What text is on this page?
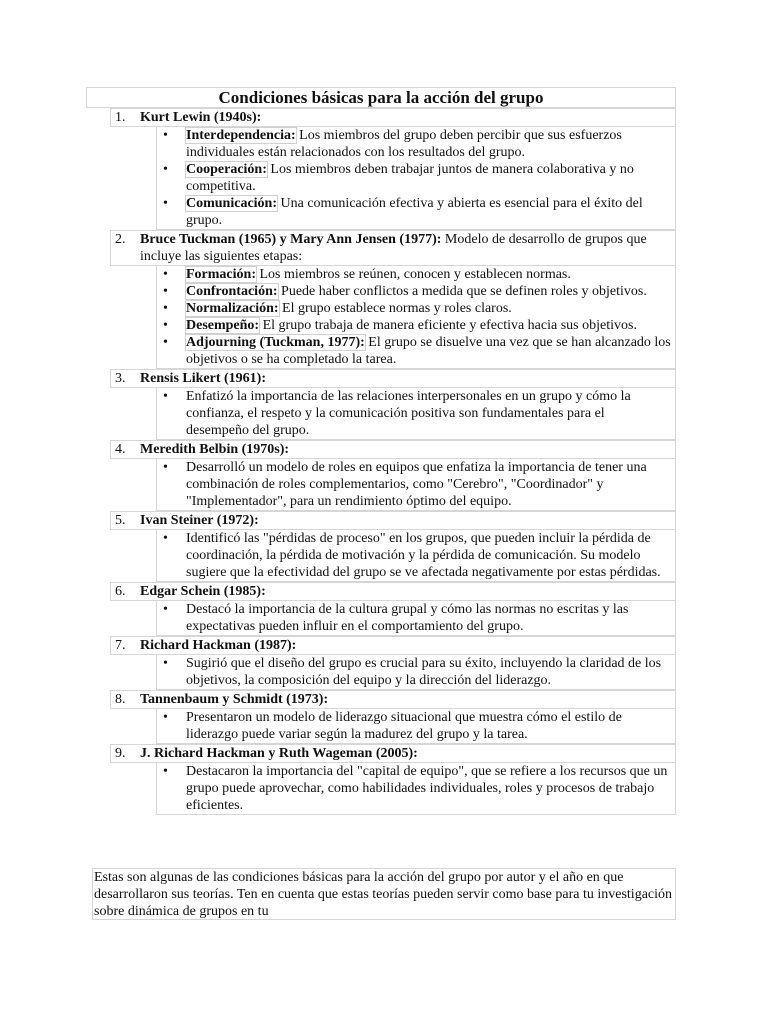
Condiciones básicas para la acción del grupo
1. Kurt Lewin (1940s):
• Interdependencia: Los miembros del grupo deben percibir que sus esfuerzos individuales están relacionados con los resultados del grupo.
• Cooperación: Los miembros deben trabajar juntos de manera colaborativa y no competitiva.
• Comunicación: Una comunicación efectiva y abierta es esencial para el éxito del grupo.
2. Bruce Tuckman (1965) y Mary Ann Jensen (1977): Modelo de desarrollo de grupos que incluye las siguientes etapas:
• Formación: Los miembros se reúnen, conocen y establecen normas.
• Confrontación: Puede haber conflictos a medida que se definen roles y objetivos.
• Normalización: El grupo establece normas y roles claros.
• Desempeño: El grupo trabaja de manera eficiente y efectiva hacia sus objetivos.
• Adjourning (Tuckman, 1977): El grupo se disuelve una vez que se han alcanzado los objetivos o se ha completado la tarea.
3. Rensis Likert (1961):
• Enfatizó la importancia de las relaciones interpersonales en un grupo y cómo la confianza, el respeto y la comunicación positiva son fundamentales para el desempeño del grupo.
4. Meredith Belbin (1970s):
• Desarrolló un modelo de roles en equipos que enfatiza la importancia de tener una combinación de roles complementarios, como "Cerebro", "Coordinador" y "Implementador", para un rendimiento óptimo del equipo.
5. Ivan Steiner (1972):
• Identificó las "pérdidas de proceso" en los grupos, que pueden incluir la pérdida de coordinación, la pérdida de motivación y la pérdida de comunicación. Su modelo sugiere que la efectividad del grupo se ve afectada negativamente por estas pérdidas.
6. Edgar Schein (1985):
• Destacó la importancia de la cultura grupal y cómo las normas no escritas y las expectativas pueden influir en el comportamiento del grupo.
7. Richard Hackman (1987):
• Sugirió que el diseño del grupo es crucial para su éxito, incluyendo la claridad de los objetivos, la composición del equipo y la dirección del liderazgo.
8. Tannenbaum y Schmidt (1973):
• Presentaron un modelo de liderazgo situacional que muestra cómo el estilo de liderazgo puede variar según la madurez del grupo y la tarea.
9. J. Richard Hackman y Ruth Wageman (2005):
• Destacaron la importancia del "capital de equipo", que se refiere a los recursos que un grupo puede aprovechar, como habilidades individuales, roles y procesos de trabajo eficientes.
Estas son algunas de las condiciones básicas para la acción del grupo por autor y el año en que desarrollaron sus teorías. Ten en cuenta que estas teorías pueden servir como base para tu investigación sobre dinámica de grupos en tu
